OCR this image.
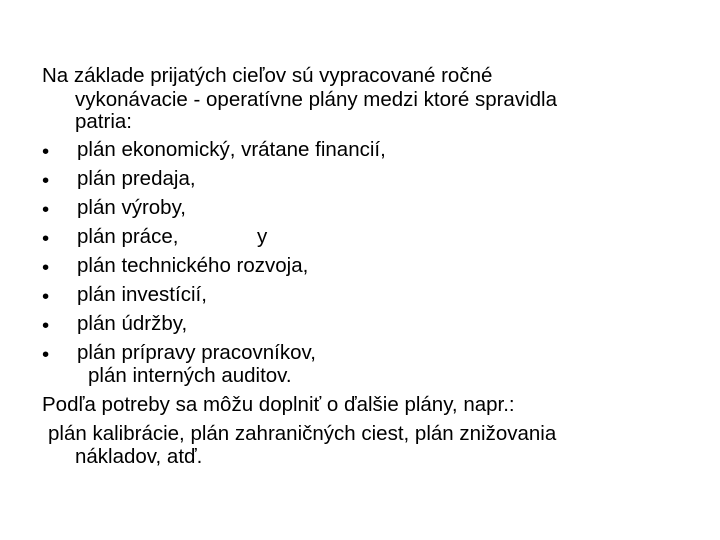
Na základe prijatých cieľov sú vypracované ročné
vykonávacie - operatívne plány medzi ktoré spravidla
patria:
• plán ekonomický, vrátane financií,
• plán predaja,
• plán výroby,
• plán práce,	y
• plán technického rozvoja,
• plán investícií,
• plán údržby,
• plán prípravy pracovníkov,
plán interných auditov.
Podľa potreby sa môžu doplniť o ďalšie plány, napr.:
plán kalibrácie, plán zahraničných ciest, plán znižovania
nákladov, atď.
